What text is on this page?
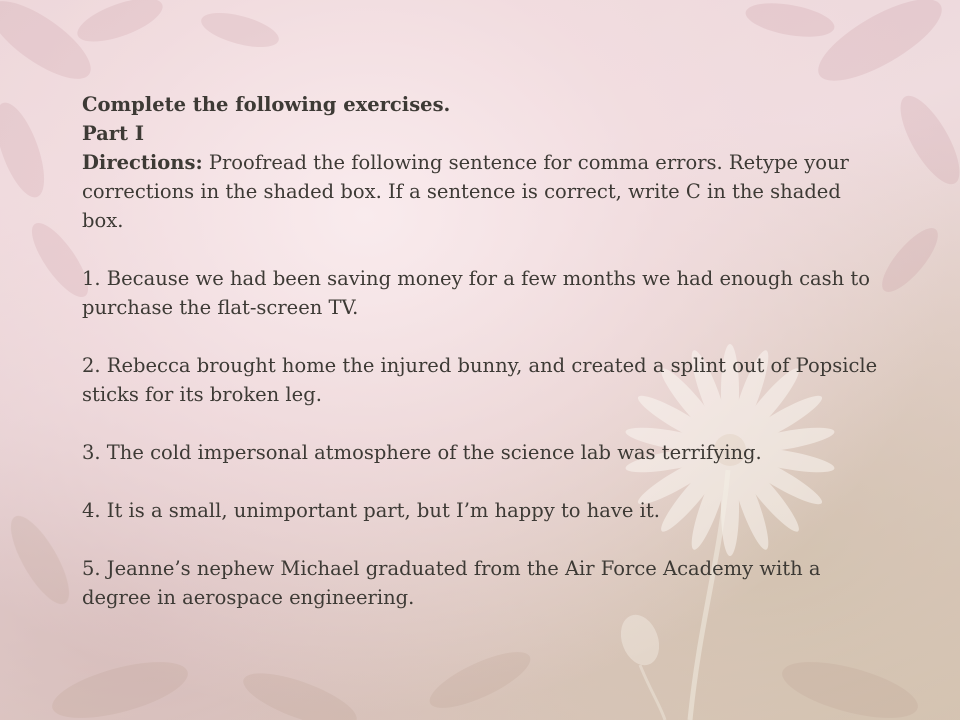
Complete the following exercises.

Part I

Directions: Proofread the following sentence for comma errors. Retype your corrections in the shaded box. If a sentence is correct, write C in the shaded box.

1. Because we had been saving money for a few months we had enough cash to purchase the flat-screen TV.

2. Rebecca brought home the injured bunny, and created a splint out of Popsicle sticks for its broken leg.

3. The cold impersonal atmosphere of the science lab was terrifying.

4. It is a small, unimportant part, but I’m happy to have it.

5. Jeanne’s nephew Michael graduated from the Air Force Academy with a degree in aerospace engineering.
